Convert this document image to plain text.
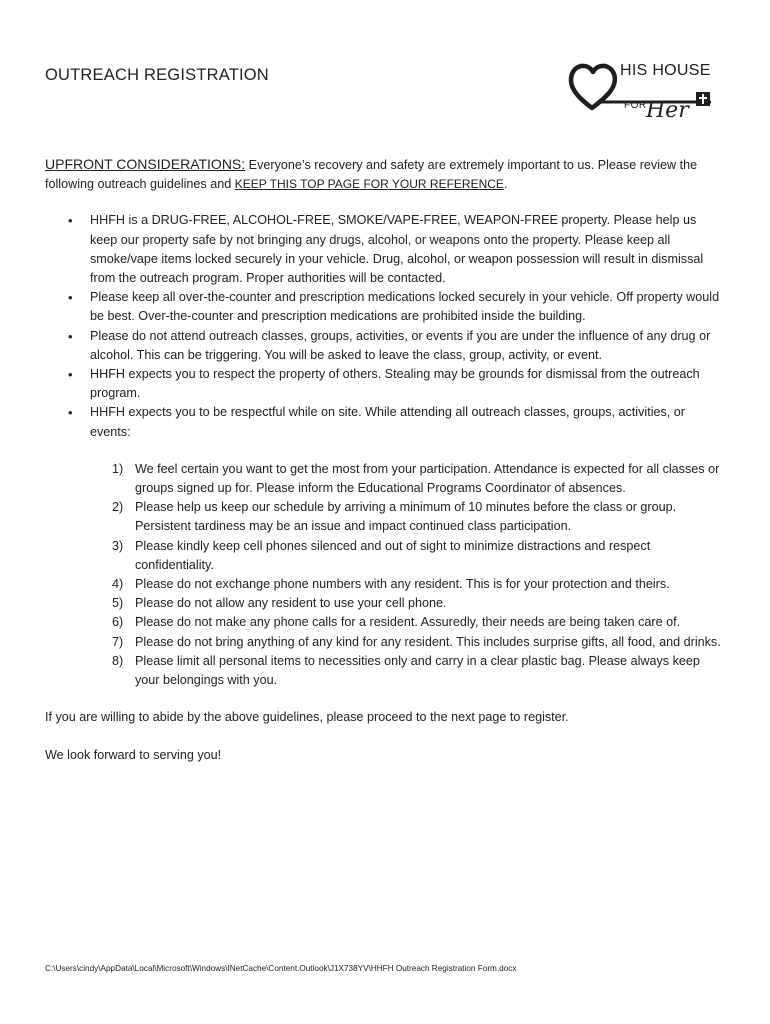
OUTREACH REGISTRATION	HIS HOUSE
FOR Her

UPFRONT CONSIDERATIONS: Everyone’s recovery and safety are extremely important to us. Please review the following outreach guidelines and KEEP THIS TOP PAGE FOR YOUR REFERENCE.

• HHFH is a DRUG-FREE, ALCOHOL-FREE, SMOKE/VAPE-FREE, WEAPON-FREE property. Please help us keep our property safe by not bringing any drugs, alcohol, or weapons onto the property. Please keep all smoke/vape items locked securely in your vehicle. Drug, alcohol, or weapon possession will result in dismissal from the outreach program. Proper authorities will be contacted.
• Please keep all over-the-counter and prescription medications locked securely in your vehicle. Off property would be best. Over-the-counter and prescription medications are prohibited inside the building.
• Please do not attend outreach classes, groups, activities, or events if you are under the influence of any drug or alcohol. This can be triggering. You will be asked to leave the class, group, activity, or event.
• HHFH expects you to respect the property of others. Stealing may be grounds for dismissal from the outreach program.
• HHFH expects you to be respectful while on site. While attending all outreach classes, groups, activities, or events:
1) We feel certain you want to get the most from your participation. Attendance is expected for all classes or groups signed up for. Please inform the Educational Programs Coordinator of absences.
2) Please help us keep our schedule by arriving a minimum of 10 minutes before the class or group. Persistent tardiness may be an issue and impact continued class participation.
3) Please kindly keep cell phones silenced and out of sight to minimize distractions and respect confidentiality.
4) Please do not exchange phone numbers with any resident. This is for your protection and theirs.
5) Please do not allow any resident to use your cell phone.
6) Please do not make any phone calls for a resident. Assuredly, their needs are being taken care of.
7) Please do not bring anything of any kind for any resident. This includes surprise gifts, all food, and drinks.
8) Please limit all personal items to necessities only and carry in a clear plastic bag. Please always keep your belongings with you.

If you are willing to abide by the above guidelines, please proceed to the next page to register.

We look forward to serving you!

C:\Users\cindy\AppData\Local\Microsoft\Windows\INetCache\Content.Outlook\J1X738YV\HHFH Outreach Registration Form.docx
